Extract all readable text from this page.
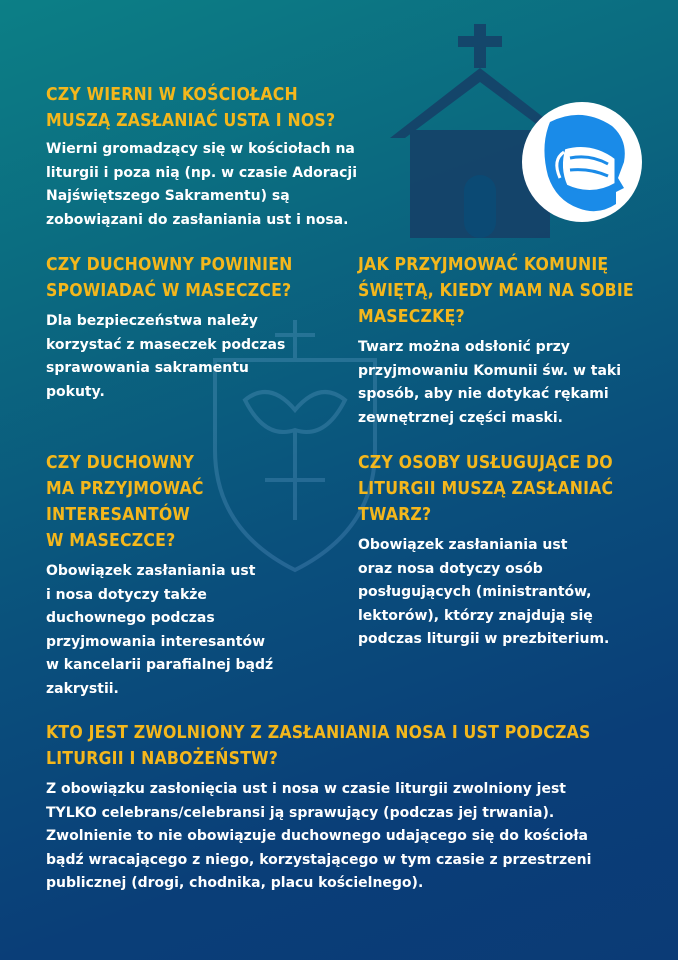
CZY WIERNI W KOŚCIOŁACH
MUSZĄ ZASŁANIAĆ USTA I NOS?

Wierni gromadzący się w kościołach na
liturgii i poza nią (np. w czasie Adoracji
Najświętszego Sakramentu) są
zobowiązani do zasłaniania ust i nosa.

CZY DUCHOWNY POWINIEN
SPOWIADAĆ W MASECZCE?

Dla bezpieczeństwa należy
korzystać z maseczek podczas
sprawowania sakramentu
pokuty.

JAK PRZYJMOWAĆ KOMUNIĘ
ŚWIĘTĄ, KIEDY MAM NA SOBIE
MASECZKĘ?

Twarz można odsłonić przy
przyjmowaniu Komunii św. w taki
sposób, aby nie dotykać rękami
zewnętrznej części maski.

CZY DUCHOWNY
MA PRZYJMOWAĆ
INTERESANTÓW
W MASECZCE?

Obowiązek zasłaniania ust
i nosa dotyczy także
duchownego podczas
przyjmowania interesantów
w kancelarii parafialnej bądź
zakrystii.

CZY OSOBY USŁUGUJĄCE DO
LITURGII MUSZĄ ZASŁANIAĆ
TWARZ?

Obowiązek zasłaniania ust
oraz nosa dotyczy osób
posługujących (ministrantów,
lektorów), którzy znajdują się
podczas liturgii w prezbiterium.

KTO JEST ZWOLNIONY Z ZASŁANIANIA NOSA I UST PODCZAS
LITURGII I NABOŻEŃSTW?

Z obowiązku zasłonięcia ust i nosa w czasie liturgii zwolniony jest
TYLKO celebrans/celebransi ją sprawujący (podczas jej trwania).
Zwolnienie to nie obowiązuje duchownego udającego się do kościoła
bądź wracającego z niego, korzystającego w tym czasie z przestrzeni
publicznej (drogi, chodnika, placu kościelnego).
